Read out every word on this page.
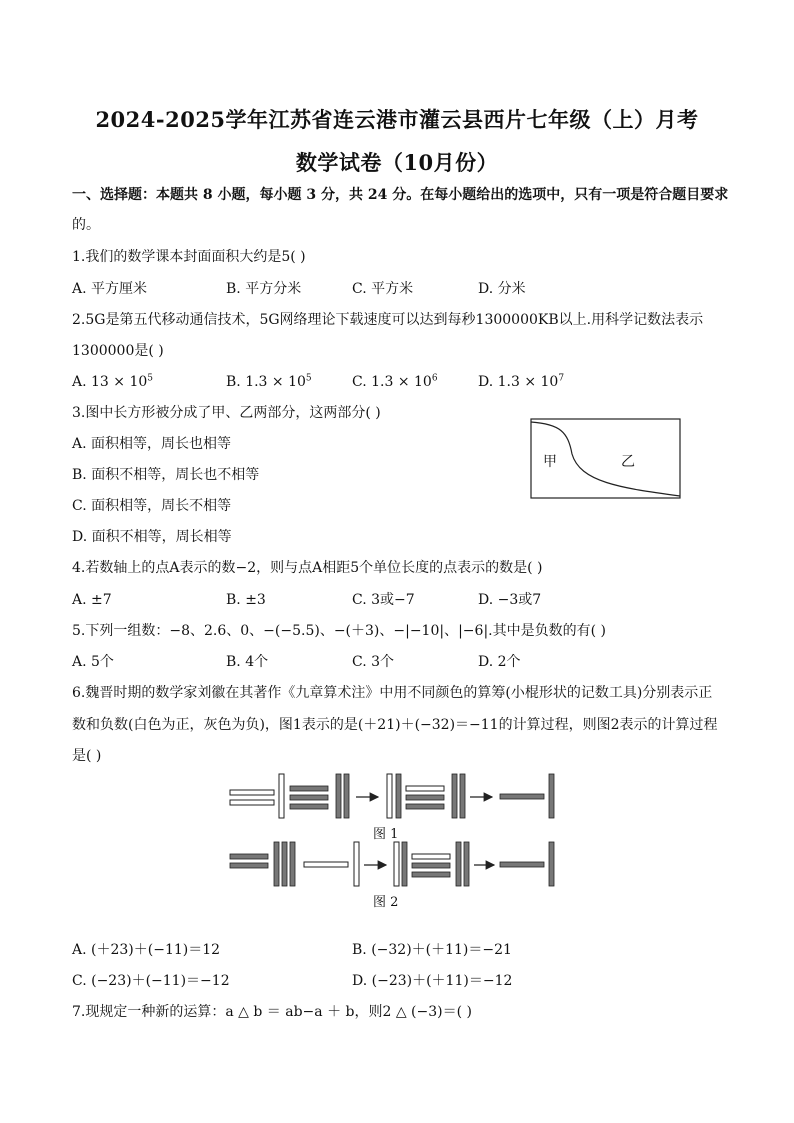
2024-2025学年江苏省连云港市灌云县西片七年级（上）月考
数学试卷（10月份）
一、选择题：本题共 8 小题，每小题 3 分，共 24 分。在每小题给出的选项中，只有一项是符合题目要求
的。
1.我们的数学课本封面面积大约是5( )
A. 平方厘米	B. 平方分米	C. 平方米	D. 分米
2.5G是第五代移动通信技术，5G网络理论下载速度可以达到每秒1300000KB以上.用科学记数法表示
1300000是( )
A. $13 \times 10^5$	B. $1.3 \times 10^5$	C. $1.3 \times 10^6$	D. $1.3 \times 10^7$
3.图中长方形被分成了甲、乙两部分，这两部分( )
A. 面积相等，周长也相等
B. 面积不相等，周长也不相等
C. 面积相等，周长不相等
D. 面积不相等，周长相等
甲	乙
4.若数轴上的点A表示的数−2，则与点A相距5个单位长度的点表示的数是( )
A. ±7	B. ±3	C. 3或−7	D. −3或7
5.下列一组数：−8、2.6、0、−(−5.5)、−(＋3)、−|−10|、|−6|.其中是负数的有( )
A. 5个	B. 4个	C. 3个	D. 2个
6.魏晋时期的数学家刘徽在其著作《九章算术注》中用不同颜色的算筹(小棍形状的记数工具)分别表示正
数和负数(白色为正，灰色为负)，图1表示的是(＋21)＋(−32)＝−11的计算过程，则图2表示的计算过程
是( )
图 1
图 2
A. (＋23)＋(−11)＝12	B. (−32)＋(＋11)＝−21
C. (−23)＋(−11)＝−12	D. (−23)＋(＋11)＝−12
7.现规定一种新的运算：a △ b ＝ ab−a ＋ b，则2 △ (−3)＝( )
